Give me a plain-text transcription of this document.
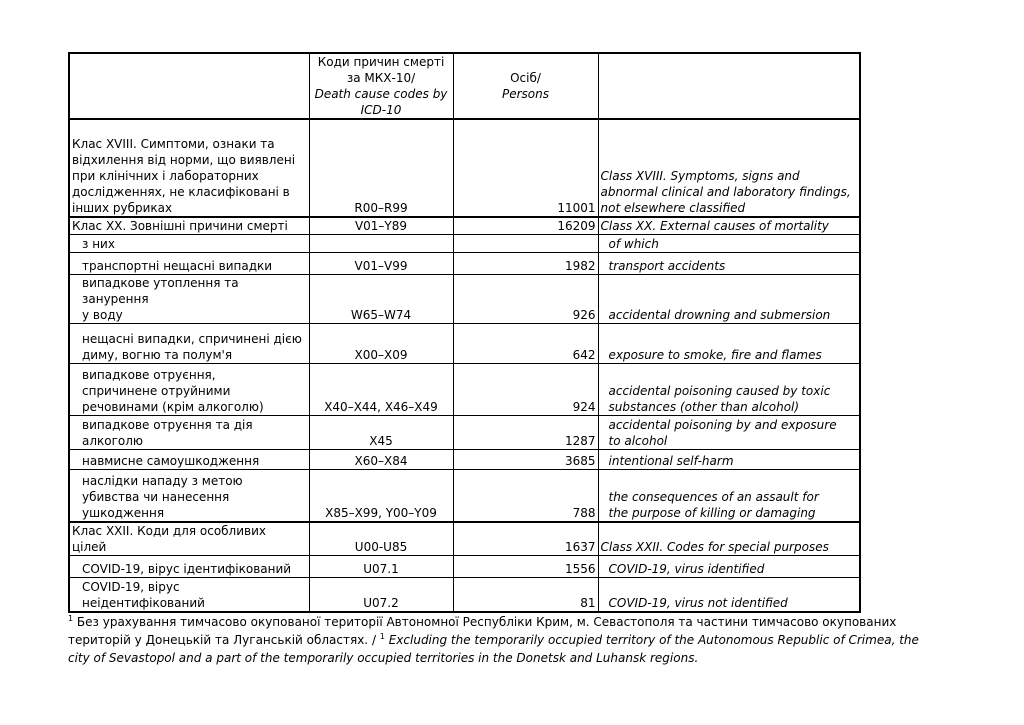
	Коди причин смерті
за МКХ-10/
Death cause codes by
ICD-10	Осіб/
Persons	

Клас XVIII. Симптоми, ознаки та
відхилення від норми, що виявлені
при клінічних і лабораторних
дослідженнях, не класифіковані в
інших рубриках	R00–R99	11001	Class XVIII. Symptoms, signs and
abnormal clinical and laboratory findings,
not elsewhere classified

Клас XX. Зовнішні причини смерті	V01–Y89	16209	Class XX. External causes of mortality

з них			of which

транспортні нещасні випадки	V01–V99	1982	transport accidents

випадкове утоплення та занурення
у воду	W65–W74	926	accidental drowning and submersion

нещасні випадки, спричинені дією
диму, вогню та полум'я	X00–X09	642	exposure to smoke, fire and flames

випадкове отруєння,
спричинене отруйними
речовинами (крім алкоголю)	X40–X44, X46–X49	924	accidental poisoning caused by toxic
substances (other than alcohol)

випадкове отруєння та дія
алкоголю	X45	1287	accidental poisoning by and exposure
to alcohol

навмисне самоушкодження	X60–X84	3685	intentional self-harm

наслідки нападу з метою
убивства чи нанесення
ушкодження	X85–X99, Y00–Y09	788	the consequences of an assault for
the purpose of killing or damaging

Клас XXII. Коди для особливих
цілей	U00-U85	1637	Class XXII. Codes for special purposes

COVID-19, вірус ідентифікований	U07.1	1556	COVID-19, virus identified

COVID-19, вірус
неідентифікований	U07.2	81	COVID-19, virus not identified
$^1$ Без урахування тимчасово окупованої території Автономної Республіки Крим, м. Севастополя та частини тимчасово окупованих територій у Донецькій та Луганській областях. / $^1$ Excluding the temporarily occupied territory of the Autonomous Republic of Crimea, the city of Sevastopol and a part of the temporarily occupied territories in the Donetsk and Luhansk regions.
